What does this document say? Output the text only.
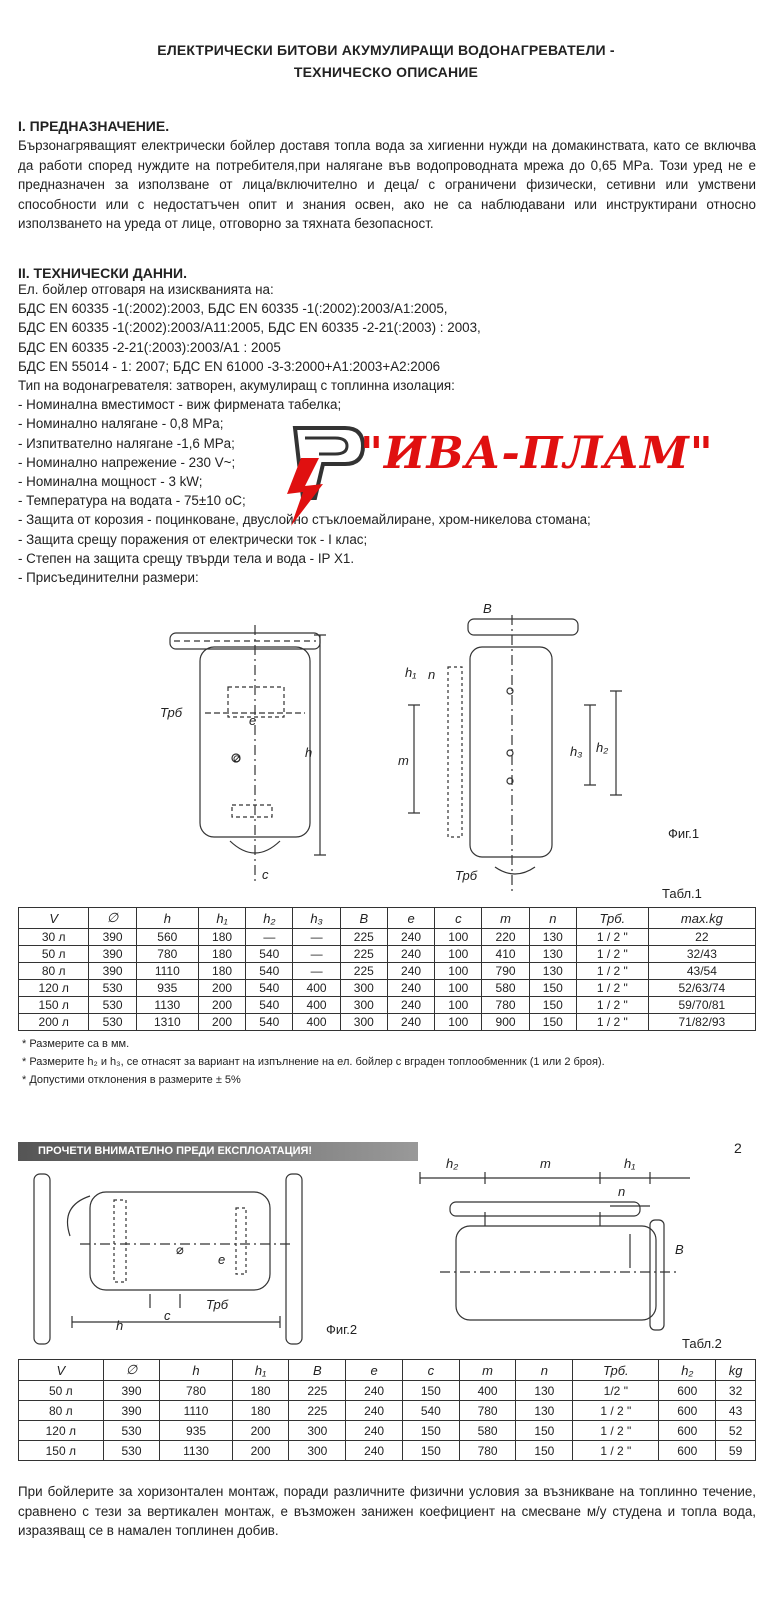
ЕЛЕКТРИЧЕСКИ БИТОВИ АКУМУЛИРАЩИ ВОДОНАГРЕВАТЕЛИ -
ТЕХНИЧЕСКО ОПИСАНИЕ
I. ПРЕДНАЗНАЧЕНИЕ.
Бързонагряващият електрически бойлер доставя топла вода за хигиенни нужди на домакинствата, като се включва да работи според нуждите на потребителя,при налягане във водопроводната мрежа до 0,65 MPa. Този уред не е предназначен за използване от лица/включително и деца/ с ограничени физически, сетивни или умствени способности или с недостатъчен опит и знания освен, ако не са наблюдавани или инструктирани относно използването на уреда от лице, отговорно за тяхната безопасност.
II. ТЕХНИЧЕСКИ ДАННИ.
Ел. бойлер отговаря на изискванията на:
БДС EN 60335 -1(:2002):2003, БДС EN 60335 -1(:2002):2003/A1:2005,
БДС EN 60335 -1(:2002):2003/A11:2005, БДС EN 60335 -2-21(:2003) : 2003,
БДС EN 60335 -2-21(:2003):2003/A1 : 2005
БДС EN 55014 - 1: 2007; БДС EN 61000 -3-3:2000+A1:2003+A2:2006
Тип на водонагревателя: затворен, акумулиращ с топлинна изолация:
- Номинална вместимост - виж фирмената табелка;
- Номинално налягане - 0,8 MPa;
- Изпитвателно налягане -1,6 MPa;
- Номинално напрежение - 230 V~;
- Номинална мощност - 3 kW;
- Температура на водата - 75±10 oC;
- Защита от корозия - поцинковане, двуслойно стъклоемайлиране, хром-никелова стомана;
- Защита срещу поражения от електрически ток - I клас;
- Степен на защита срещу твърди тела и вода - IP X1.
- Присъединителни размери:
"ИВА-ПЛАМ"
Трб
h
c
e
⌀
B
h₁ n
m
h₃ h₂
Трб
Фиг.1
Табл.1
V	∅	h	h₁	h₂	h₃	B	e	c	m	n	Трб.	max.kg
30 л	390	560	180	—	—	225	240	100	220	130	1 / 2 "	22
50 л	390	780	180	540	—	225	240	100	410	130	1 / 2 "	32/43
80 л	390	1110	180	540	—	225	240	100	790	130	1 / 2 "	43/54
120 л	530	935	200	540	400	300	240	100	580	150	1 / 2 "	52/63/74
150 л	530	1130	200	540	400	300	240	100	780	150	1 / 2 "	59/70/81
200 л	530	1310	200	540	400	300	240	100	900	150	1 / 2 "	71/82/93
* Размерите са в мм.
* Размерите h₂ и h₃, се отнасят за вариант на изпълнение на ел. бойлер с вграден топлообменник (1 или 2 броя).
* Допустими отклонения в размерите ± 5%
ПРОЧЕТИ ВНИМАТЕЛНО ПРЕДИ ЕКСПЛОАТАЦИЯ!	2
h₂	m	h₁
n
B
⌀
e
Трб
c
h	Фиг.2
Табл.2
V	∅	h	h₁	B	e	c	m	n	Трб.	h₂	kg
50 л	390	780	180	225	240	150	400	130	1/2 "	600	32
80 л	390	1110	180	225	240	540	780	130	1 / 2 "	600	43
120 л	530	935	200	300	240	150	580	150	1 / 2 "	600	52
150 л	530	1130	200	300	240	150	780	150	1 / 2 "	600	59
При бойлерите за хоризонтален монтаж, поради различните физични условия за възникване на топлинно течение, сравнено с тези за вертикален монтаж, е възможен занижен коефициент на смесване м/у студена и топла вода, изразяващ се в намален топлинен добив.
